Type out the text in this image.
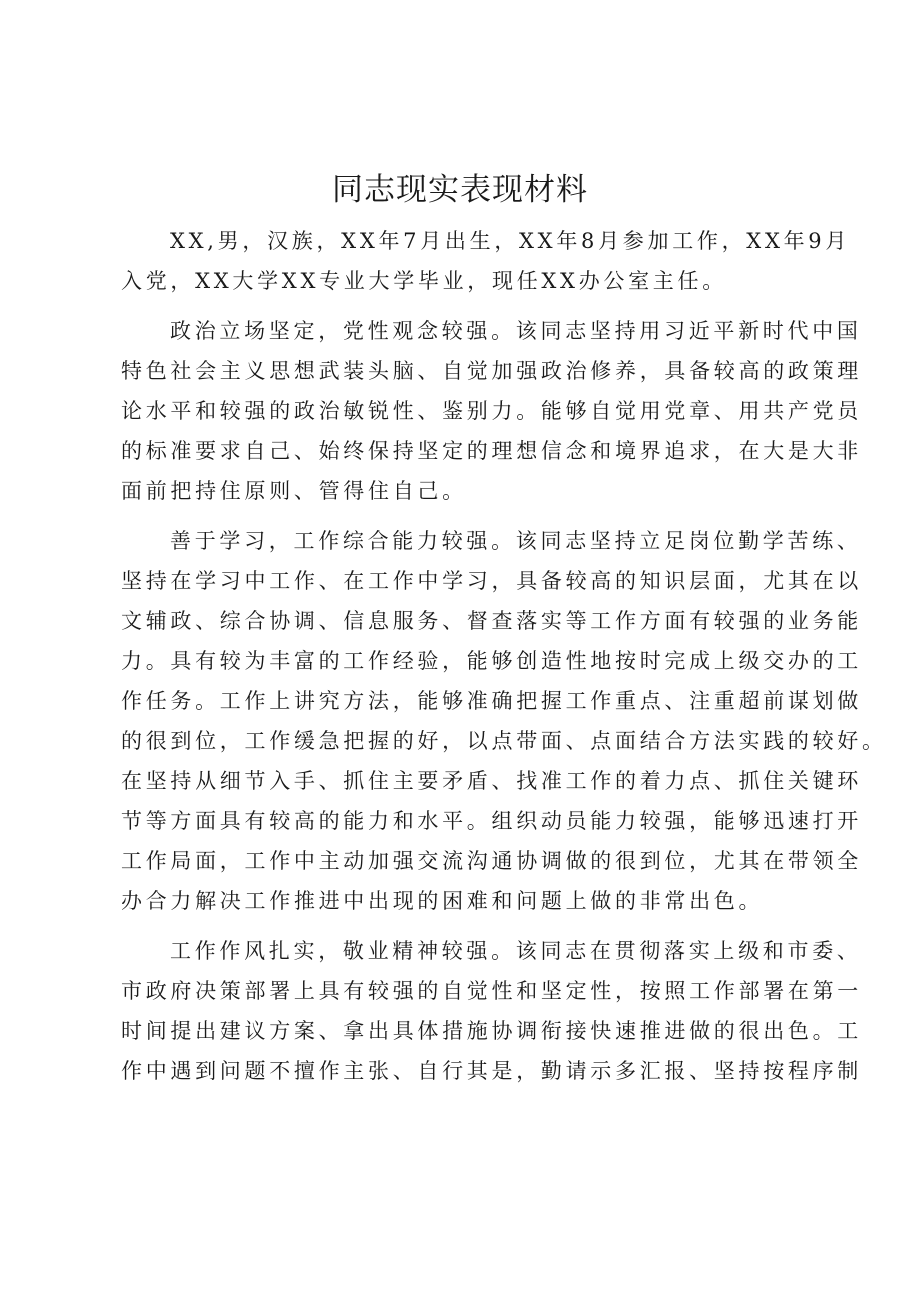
同志现实表现材料
XX,男，汉族，XX年7月出生，XX年8月参加工作，XX年9月
入党，XX大学XX专业大学毕业，现任XX办公室主任。
政治立场坚定，党性观念较强。该同志坚持用习近平新时代中国
特色社会主义思想武装头脑、自觉加强政治修养，具备较高的政策理
论水平和较强的政治敏锐性、鉴别力。能够自觉用党章、用共产党员
的标准要求自己、始终保持坚定的理想信念和境界追求，在大是大非
面前把持住原则、管得住自己。
善于学习，工作综合能力较强。该同志坚持立足岗位勤学苦练、
坚持在学习中工作、在工作中学习，具备较高的知识层面，尤其在以
文辅政、综合协调、信息服务、督查落实等工作方面有较强的业务能
力。具有较为丰富的工作经验，能够创造性地按时完成上级交办的工
作任务。工作上讲究方法，能够准确把握工作重点、注重超前谋划做
的很到位，工作缓急把握的好，以点带面、点面结合方法实践的较好。
在坚持从细节入手、抓住主要矛盾、找准工作的着力点、抓住关键环
节等方面具有较高的能力和水平。组织动员能力较强，能够迅速打开
工作局面，工作中主动加强交流沟通协调做的很到位，尤其在带领全
办合力解决工作推进中出现的困难和问题上做的非常出色。
工作作风扎实，敬业精神较强。该同志在贯彻落实上级和市委、
市政府决策部署上具有较强的自觉性和坚定性，按照工作部署在第一
时间提出建议方案、拿出具体措施协调衔接快速推进做的很出色。工
作中遇到问题不擅作主张、自行其是，勤请示多汇报、坚持按程序制
